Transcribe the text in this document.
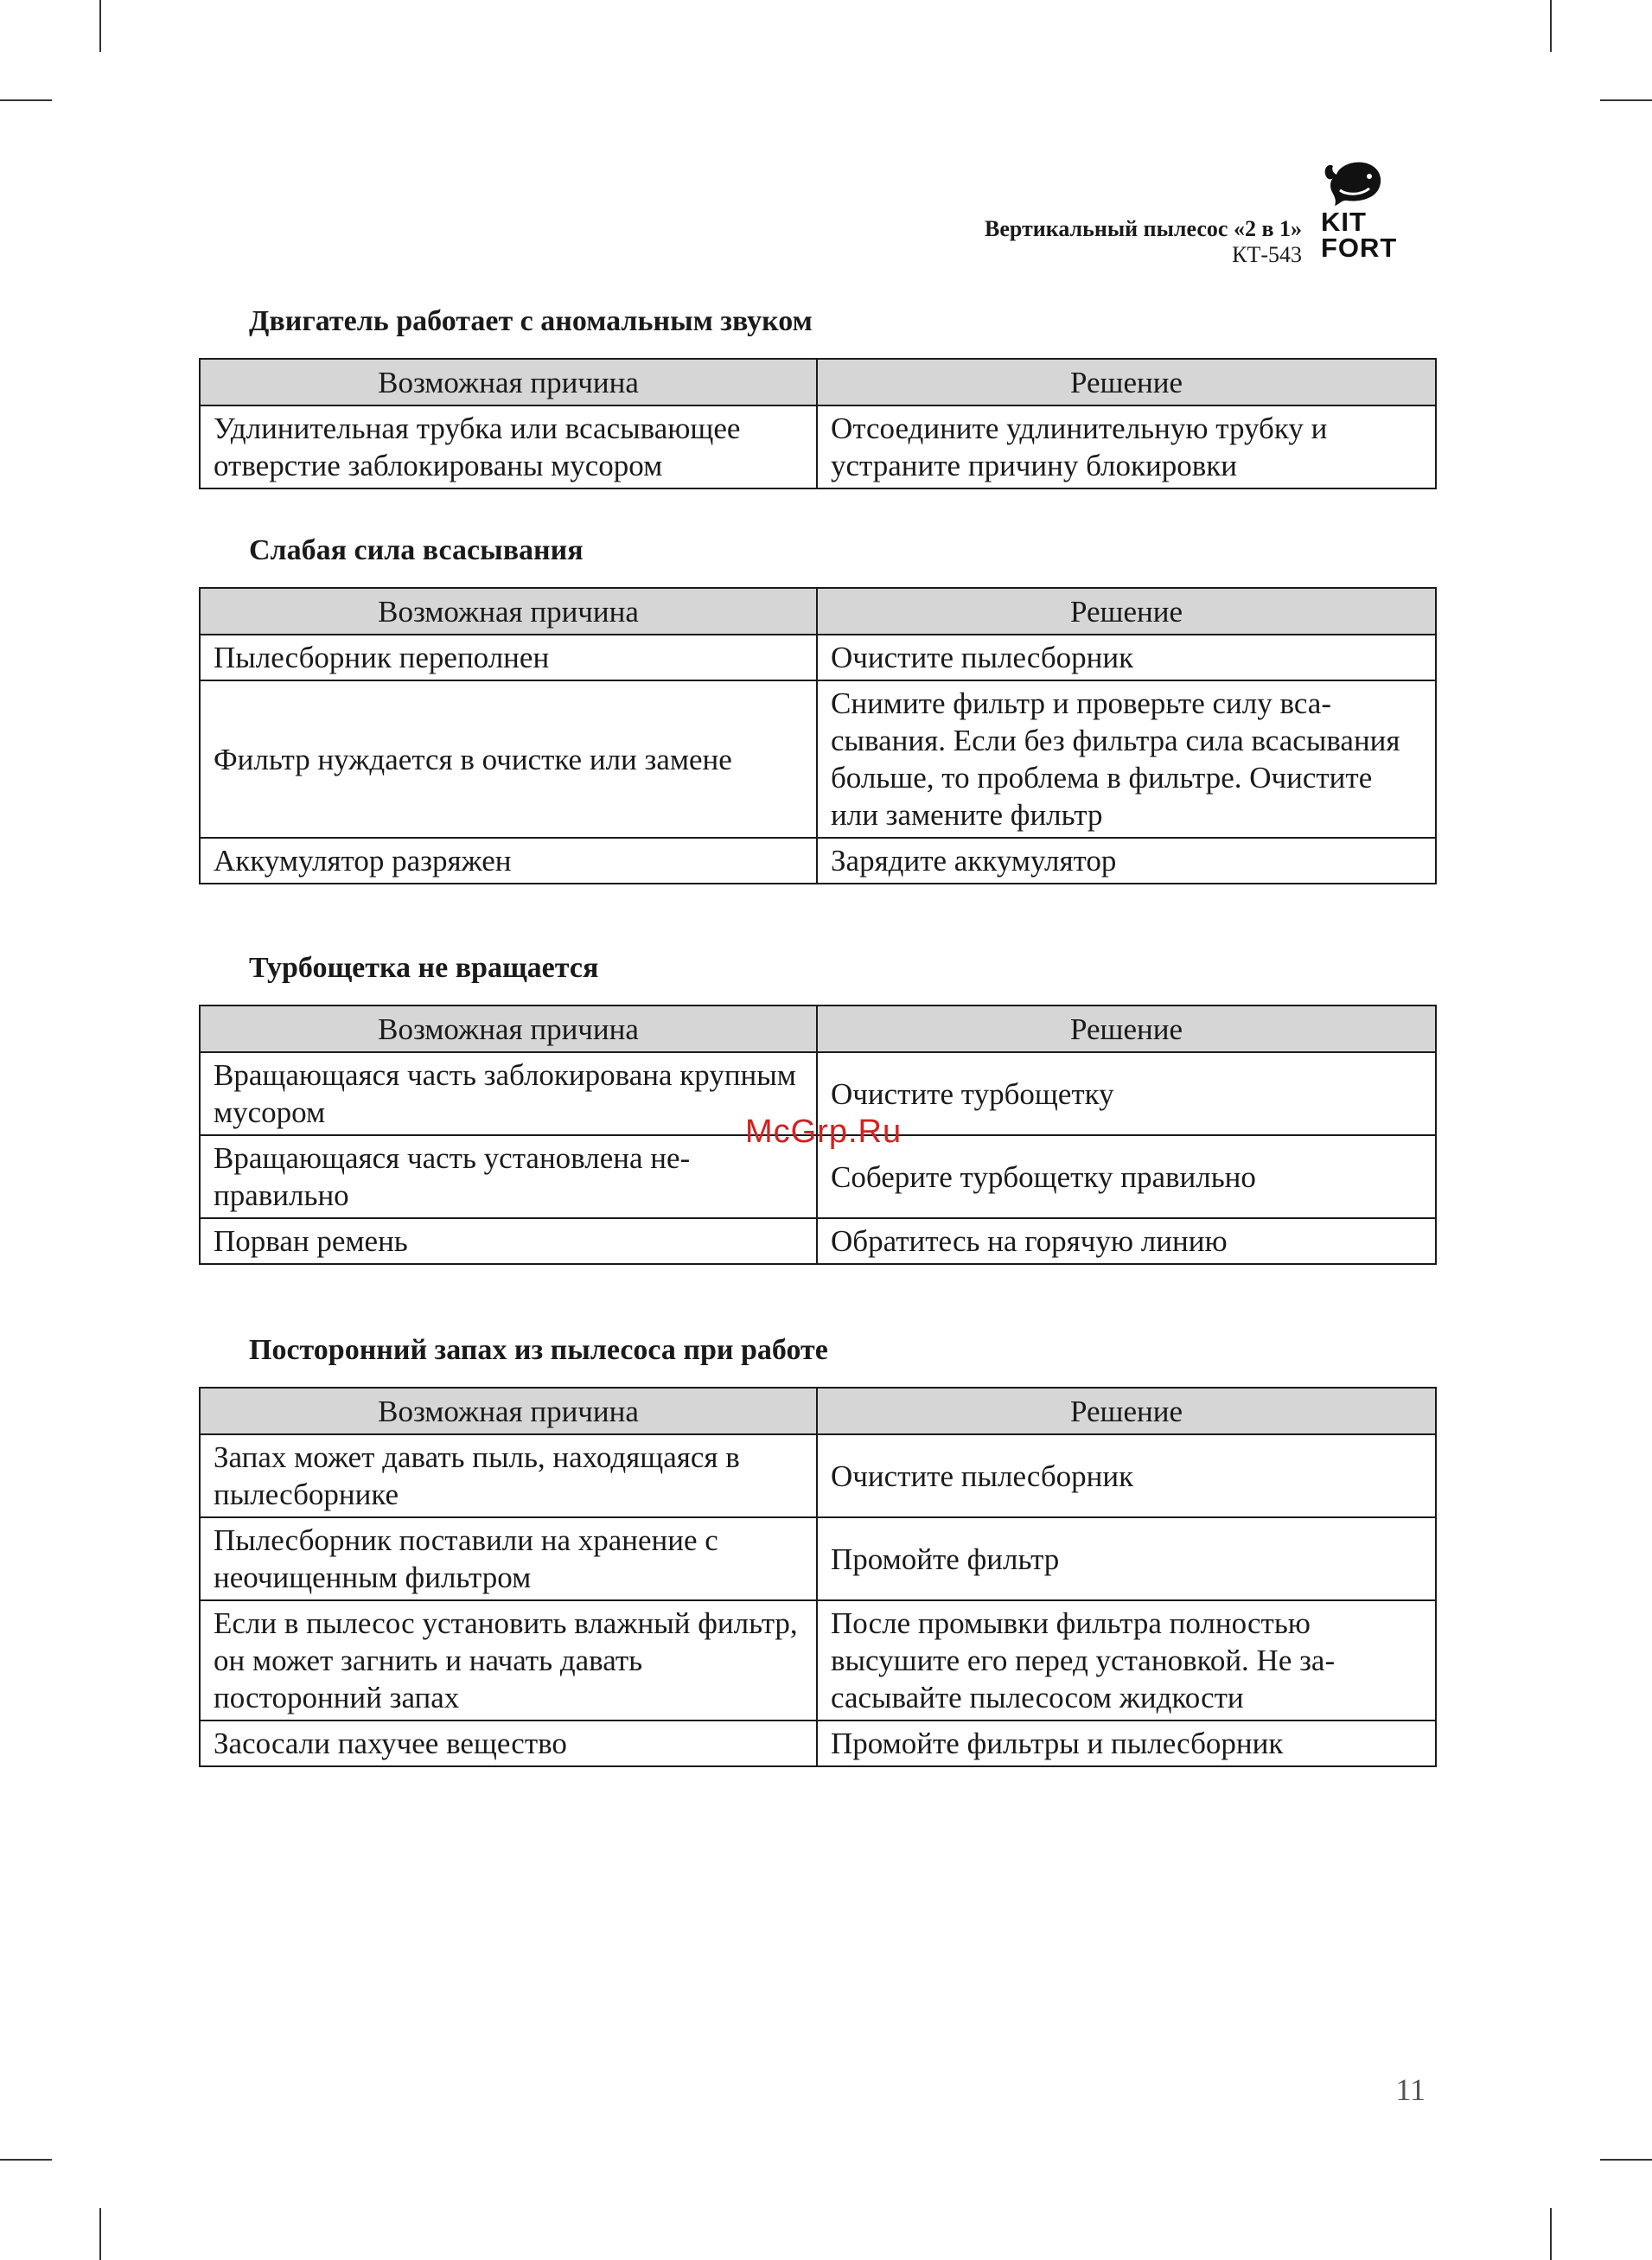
Вертикальный пылесос «2 в 1»
КТ-543
KIT
FORT
Двигатель работает с аномальным звуком
Возможная причина	Решение
Удлинительная трубка или всасывающее отверстие заблокированы мусором	Отсоедините удлинительную трубку и устраните причину блокировки
Слабая сила всасывания
Возможная причина	Решение
Пылесборник переполнен	Очистите пылесборник
Фильтр нуждается в очистке или замене	Снимите фильтр и проверьте силу всасывания. Если без фильтра сила всасывания больше, то проблема в фильтре. Очистите или замените фильтр
Аккумулятор разряжен	Зарядите аккумулятор
Турбощетка не вращается
Возможная причина	Решение
Вращающаяся часть заблокирована крупным мусором	Очистите турбощетку
Вращающаяся часть установлена неправильно	Соберите турбощетку правильно
Порван ремень	Обратитесь на горячую линию
Посторонний запах из пылесоса при работе
Возможная причина	Решение
Запах может давать пыль, находящаяся в пылесборнике	Очистите пылесборник
Пылесборник поставили на хранение с неочищенным фильтром	Промойте фильтр
Если в пылесос установить влажный фильтр, он может загнить и начать давать посторонний запах	После промывки фильтра полностью высушите его перед установкой. Не засасывайте пылесосом жидкости
Засосали пахучее вещество	Промойте фильтры и пылесборник
McGrp.Ru
11
